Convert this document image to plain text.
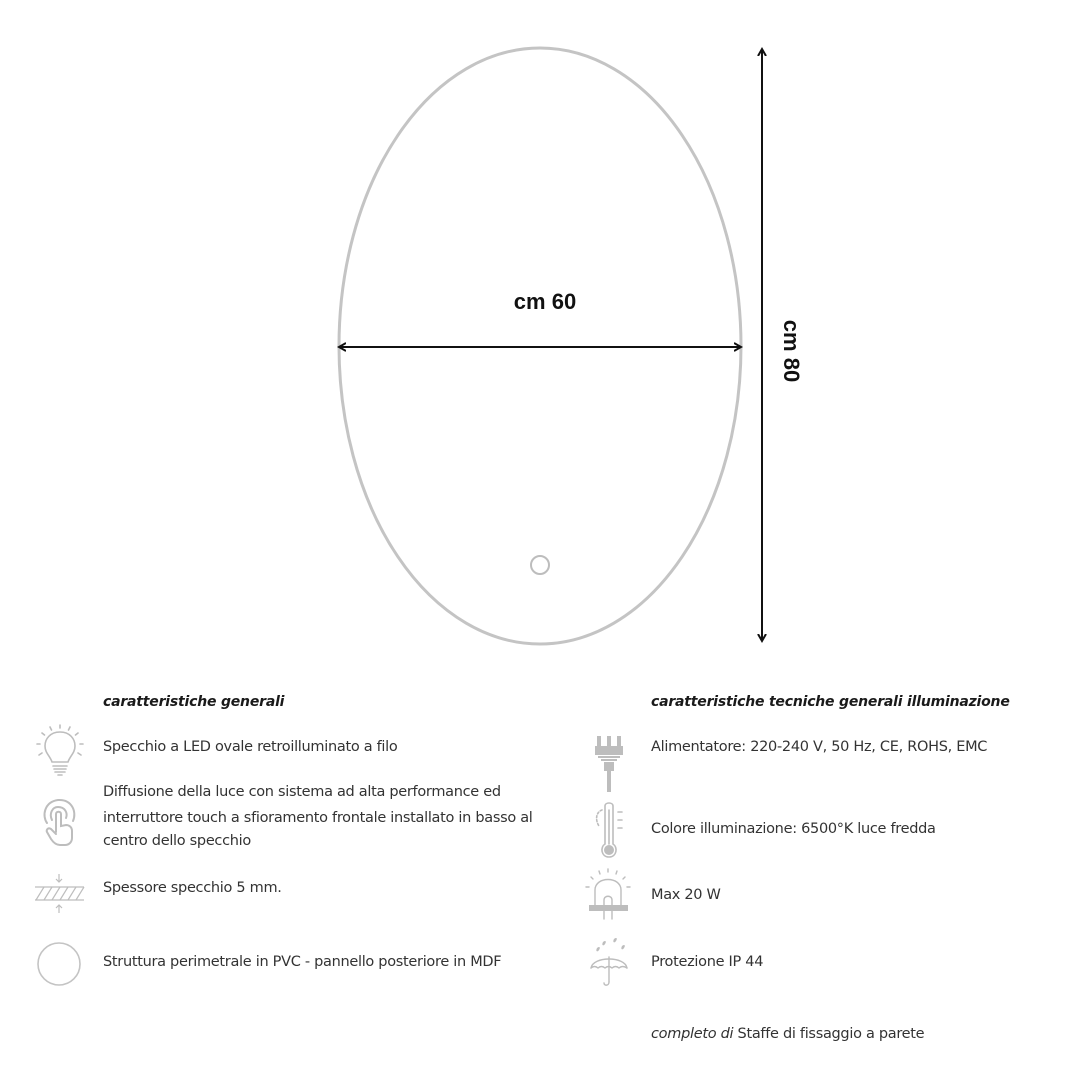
cm 60
cm 80
caratteristiche generali
Specchio a LED ovale retroilluminato a filo
Diffusione della luce con sistema ad alta performance ed
interruttore touch a sfioramento frontale installato in basso al
centro dello specchio
Spessore specchio 5 mm.
Struttura perimetrale in PVC - pannello posteriore in MDF
caratteristiche tecniche generali illuminazione
Alimentatore: 220-240 V, 50 Hz, CE, ROHS, EMC
Colore illuminazione: 6500°K luce fredda
Max 20 W
Protezione IP 44
completo di Staffe di fissaggio a parete
